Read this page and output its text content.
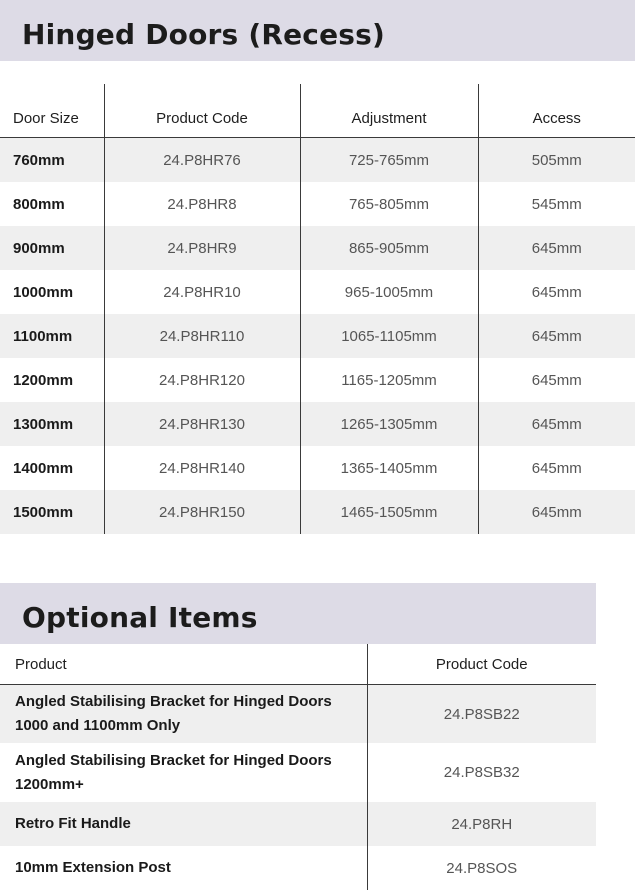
Hinged Doors (Recess)
Door Size	Product Code	Adjustment	Access
760mm	24.P8HR76	725-765mm	505mm
800mm	24.P8HR8	765-805mm	545mm
900mm	24.P8HR9	865-905mm	645mm
1000mm	24.P8HR10	965-1005mm	645mm
1100mm	24.P8HR110	1065-1105mm	645mm
1200mm	24.P8HR120	1165-1205mm	645mm
1300mm	24.P8HR130	1265-1305mm	645mm
1400mm	24.P8HR140	1365-1405mm	645mm
1500mm	24.P8HR150	1465-1505mm	645mm
Optional Items
Product	Product Code

Angled Stabilising Bracket for Hinged Doors
1000 and 1100mm Only	24.P8SB22

Angled Stabilising Bracket for Hinged Doors
1200mm+	24.P8SB32

Retro Fit Handle	24.P8RH

10mm Extension Post	24.P8SOS
